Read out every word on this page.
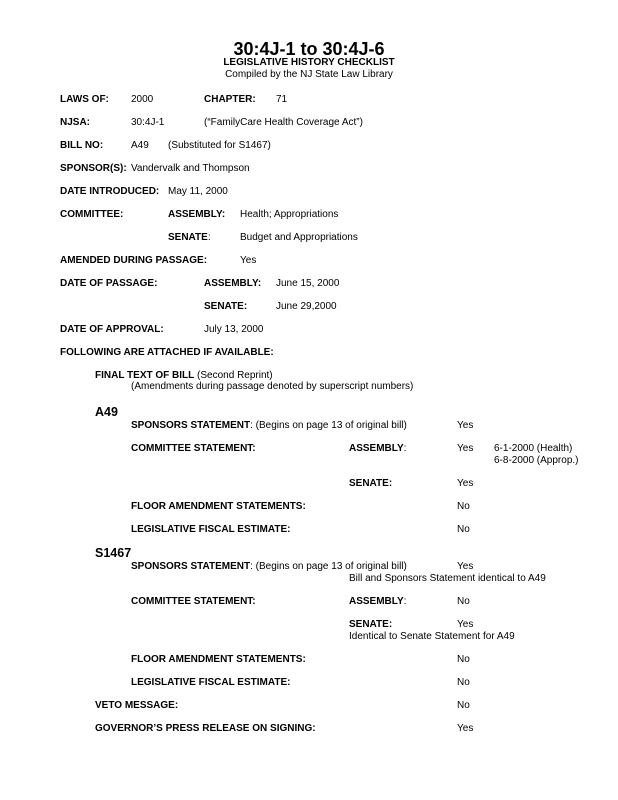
30:4J-1 to 30:4J-6
LEGISLATIVE HISTORY CHECKLIST
Compiled by the NJ State Law Library
LAWS OF: 2000	CHAPTER: 71
NJSA:	30:4J-1	(“FamilyCare Health Coverage Act”)
BILL NO:	A49 (Substituted for S1467)
SPONSOR(S): Vandervalk and Thompson
DATE INTRODUCED: May 11, 2000
COMMITTEE:	ASSEMBLY: Health; Appropriations
SENATE:	Budget and Appropriations
AMENDED DURING PASSAGE:	Yes
DATE OF PASSAGE:	ASSEMBLY: June 15, 2000
SENATE:	June 29,2000
DATE OF APPROVAL:	July 13, 2000
FOLLOWING ARE ATTACHED IF AVAILABLE:
FINAL TEXT OF BILL (Second Reprint)
(Amendments during passage denoted by superscript numbers)
A49
SPONSORS STATEMENT: (Begins on page 13 of original bill)	Yes
COMMITTEE STATEMENT:	ASSEMBLY:	Yes 6-1-2000 (Health)
6-8-2000 (Approp.)
SENATE:	Yes
FLOOR AMENDMENT STATEMENTS:	No
LEGISLATIVE FISCAL ESTIMATE:	No
S1467
SPONSORS STATEMENT: (Begins on page 13 of original bill)	Yes
Bill and Sponsors Statement identical to A49
COMMITTEE STATEMENT:	ASSEMBLY:	No
SENATE:	Yes
Identical to Senate Statement for A49
FLOOR AMENDMENT STATEMENTS:	No
LEGISLATIVE FISCAL ESTIMATE:	No
VETO MESSAGE:	No
GOVERNOR’S PRESS RELEASE ON SIGNING:	Yes
